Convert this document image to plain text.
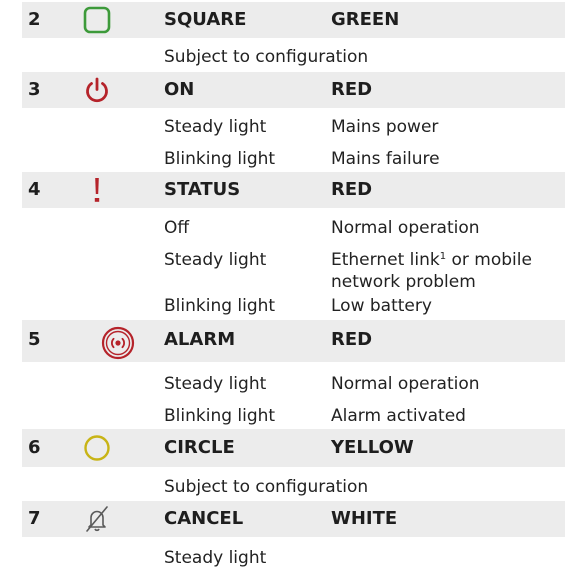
2	SQUARE	GREEN
Subject to configuration
3	ON	RED
Steady light	Mains power
Blinking light	Mains failure
4	STATUS	RED
Off	Normal operation
Steady light	Ethernet link$^1$ or mobile
network problem
Blinking light	Low battery
5	ALARM	RED
Steady light	Normal operation
Blinking light	Alarm activated
6	CIRCLE	YELLOW
Subject to configuration
7	CANCEL	WHITE
Steady light
